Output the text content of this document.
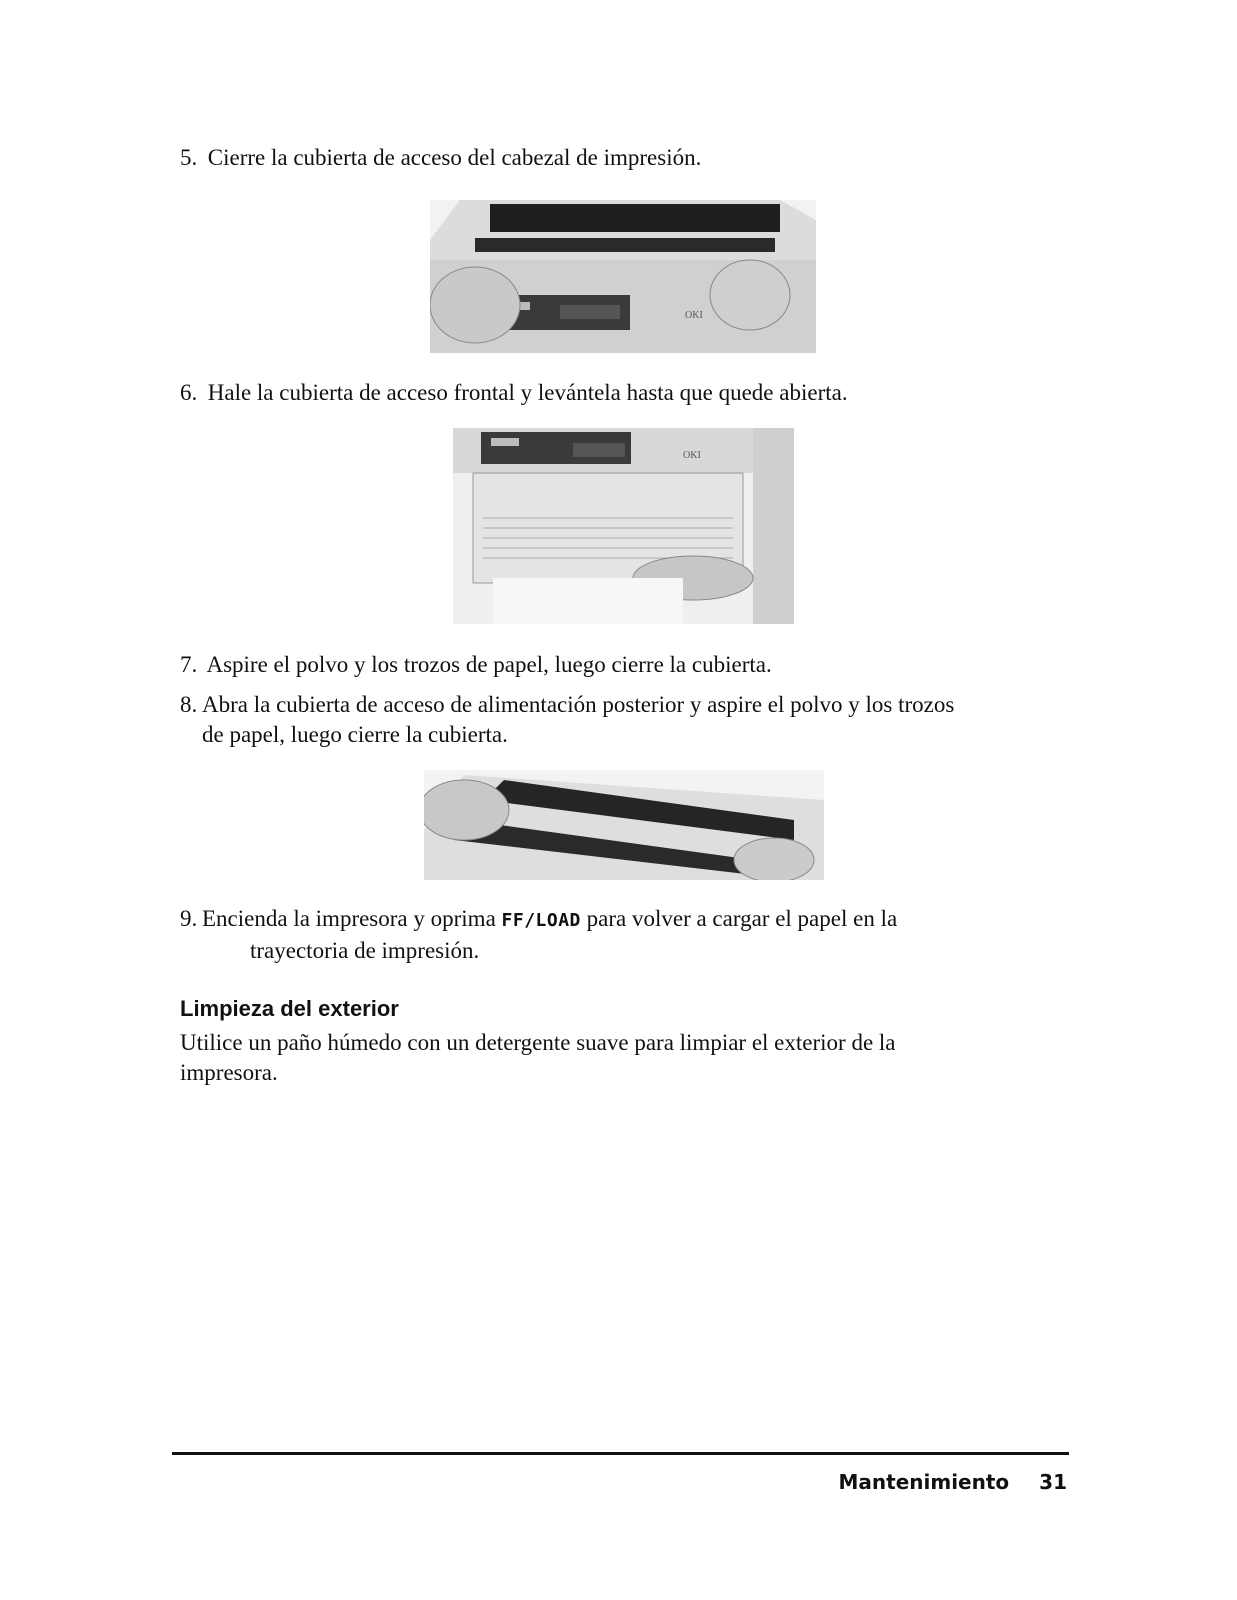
5. Cierre la cubierta de acceso del cabezal de impresión.
OKI
6. Hale la cubierta de acceso frontal y levántela hasta que quede abierta.
OKI
7. Aspire el polvo y los trozos de papel, luego cierre la cubierta.
8. Abra la cubierta de acceso de alimentación posterior y aspire el polvo y los trozos
de papel, luego cierre la cubierta.
9. Encienda la impresora y oprima FF/LOAD para volver a cargar el papel en la
trayectoria de impresión.
Limpieza del exterior
Utilice un paño húmedo con un detergente suave para limpiar el exterior de la
impresora.
Mantenimiento 31
